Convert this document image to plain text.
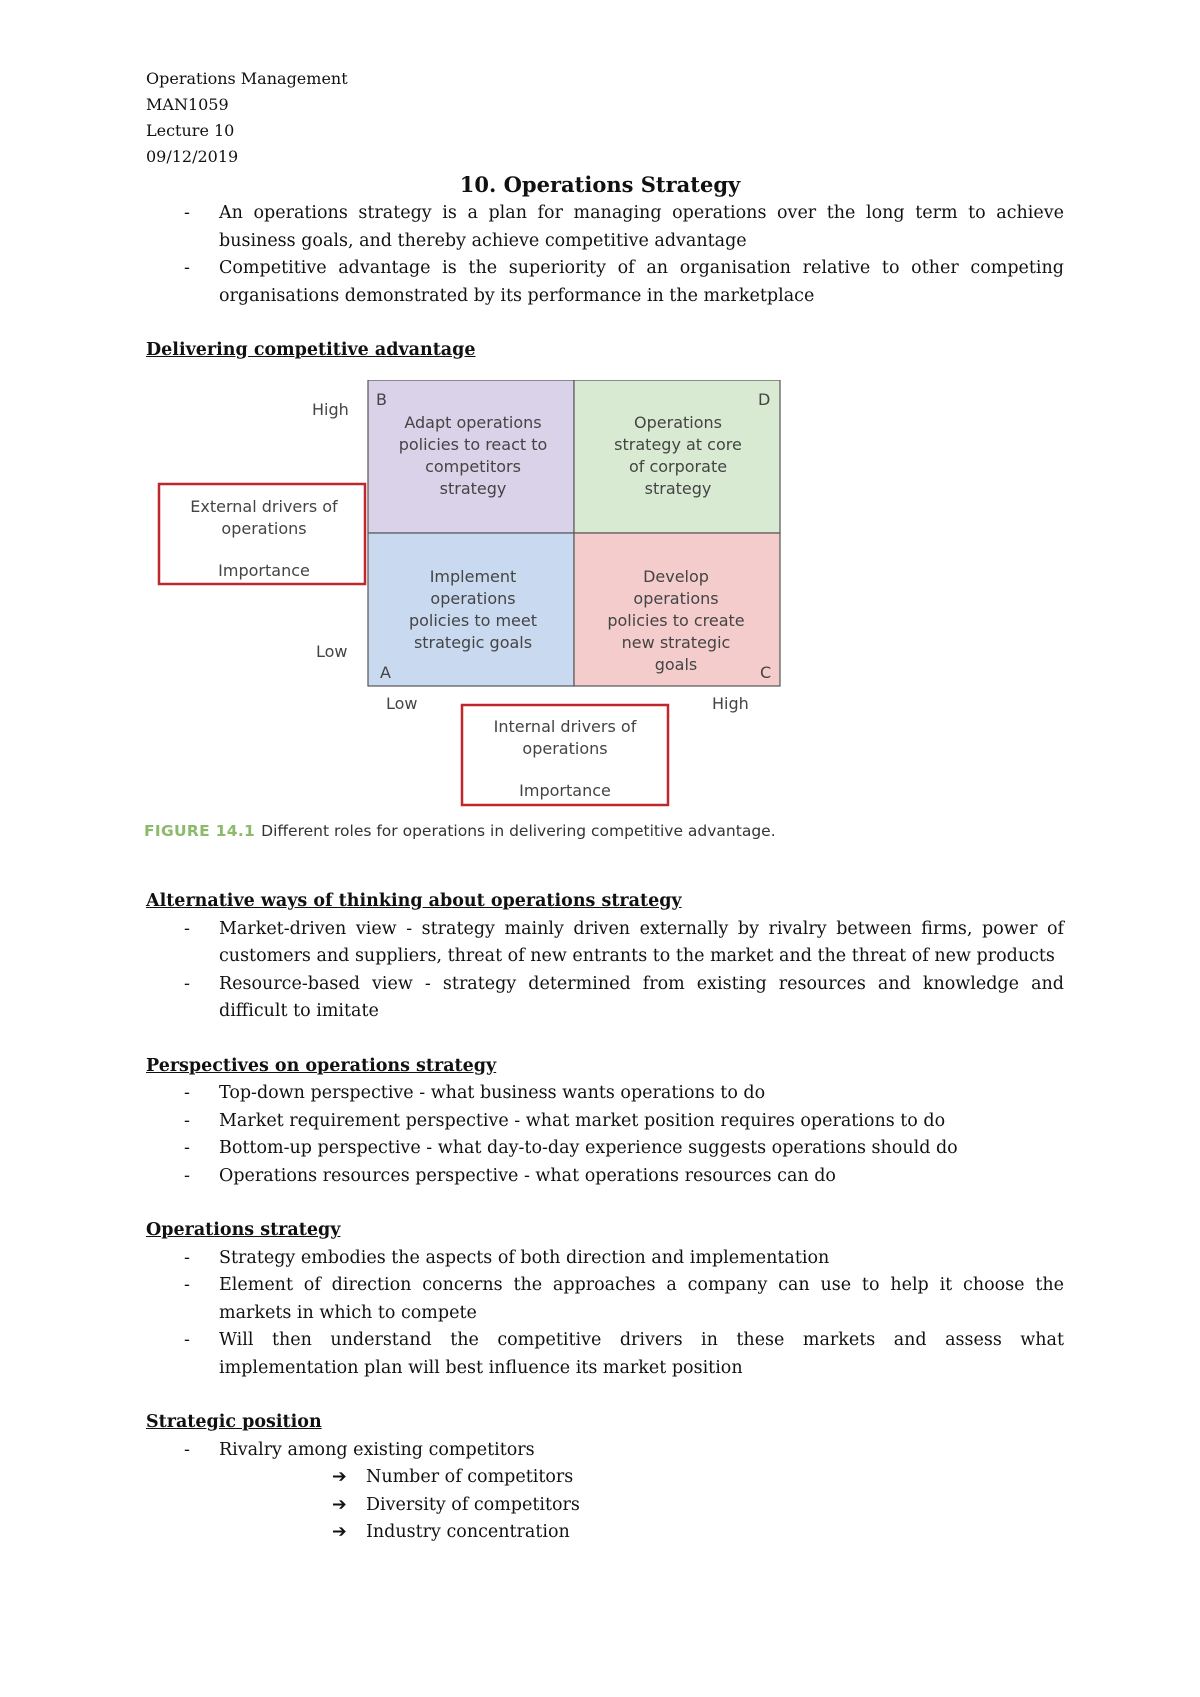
Operations Management
MAN1059
Lecture 10
09/12/2019
10. Operations Strategy
- An operations strategy is a plan for managing operations over the long term to achieve business goals, and thereby achieve competitive advantage
- Competitive advantage is the superiority of an organisation relative to other competing organisations demonstrated by its performance in the marketplace
Delivering competitive advantage
B	D
A	C
Adapt operations policies to react to competitors strategy
Operations strategy at core of corporate strategy
Implement operations policies to meet strategic goals
Develop operations policies to create new strategic goals
High
Low
Low	High
External drivers of operations
Importance
Internal drivers of operations
Importance
FIGURE 14.1 Different roles for operations in delivering competitive advantage.
Alternative ways of thinking about operations strategy
- Market-driven view - strategy mainly driven externally by rivalry between firms, power of customers and suppliers, threat of new entrants to the market and the threat of new products
- Resource-based view - strategy determined from existing resources and knowledge and difficult to imitate
Perspectives on operations strategy
- Top-down perspective - what business wants operations to do
- Market requirement perspective - what market position requires operations to do
- Bottom-up perspective - what day-to-day experience suggests operations should do
- Operations resources perspective - what operations resources can do
Operations strategy
- Strategy embodies the aspects of both direction and implementation
- Element of direction concerns the approaches a company can use to help it choose the markets in which to compete
- Will then understand the competitive drivers in these markets and assess what implementation plan will best influence its market position
Strategic position
- Rivalry among existing competitors
➔ Number of competitors
➔ Diversity of competitors
➔ Industry concentration
